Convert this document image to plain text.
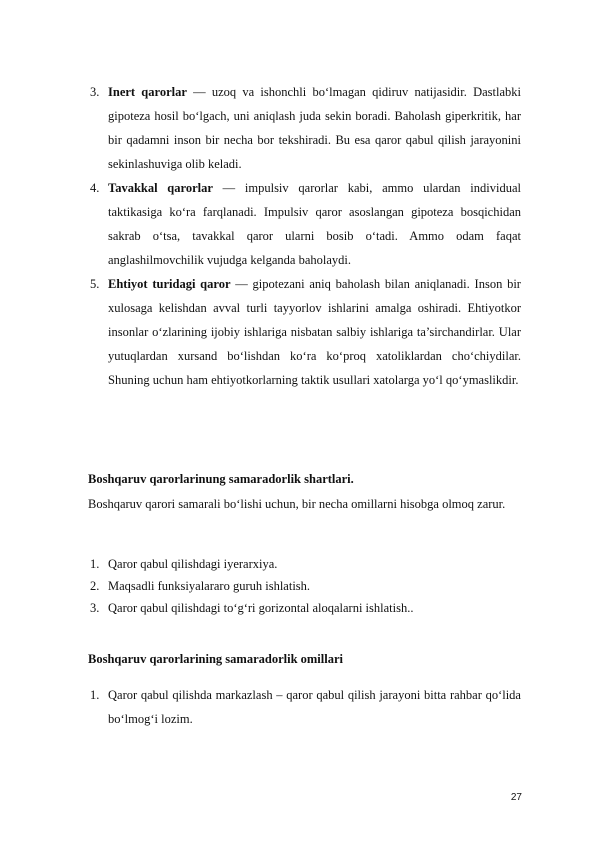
3. Inert qarorlar — uzoq va ishonchli bo‘lmagan qidiruv natijasidir. Dastlabki gipoteza hosil bo‘lgach, uni aniqlash juda sekin boradi. Baholash giperkritik, har bir qadamni inson bir necha bor tekshiradi. Bu esa qaror qabul qilish jarayonini sekinlashuviga olib keladi.
4. Tavakkal qarorlar — impulsiv qarorlar kabi, ammo ulardan individual taktikasiga ko‘ra farqlanadi. Impulsiv qaror asoslangan gipoteza bosqichidan sakrab o‘tsa, tavakkal qaror ularni bosib o‘tadi. Ammo odam faqat anglashilmovchilik vujudga kelganda baholaydi.
5. Ehtiyot turidagi qaror — gipotezani aniq baholash bilan aniqlanadi. Inson bir xulosaga kelishdan avval turli tayyorlov ishlarini amalga oshiradi. Ehtiyotkor insonlar o‘zlarining ijobiy ishlariga nisbatan salbiy ishlariga ta’sirchandirlar. Ular yutuqlardan xursand bo‘lishdan ko‘ra ko‘proq xatoliklardan cho‘chiydilar. Shuning uchun ham ehtiyotkorlarning taktik usullari xatolarga yo‘l qo‘ymaslikdir.
Boshqaruv qarorlarinung samaradorlik shartlari.
Boshqaruv qarori samarali bo‘lishi uchun, bir necha omillarni hisobga olmoq zarur.
1. Qaror qabul qilishdagi iyerarxiya.
2. Maqsadli funksiyalararo guruh ishlatish.
3. Qaror qabul qilishdagi to‘g‘ri gorizontal aloqalarni ishlatish..
Boshqaruv qarorlarining samaradorlik omillari
1. Qaror qabul qilishda markazlash – qaror qabul qilish jarayoni bitta rahbar qo‘lida bo‘lmog‘i lozim.
27
